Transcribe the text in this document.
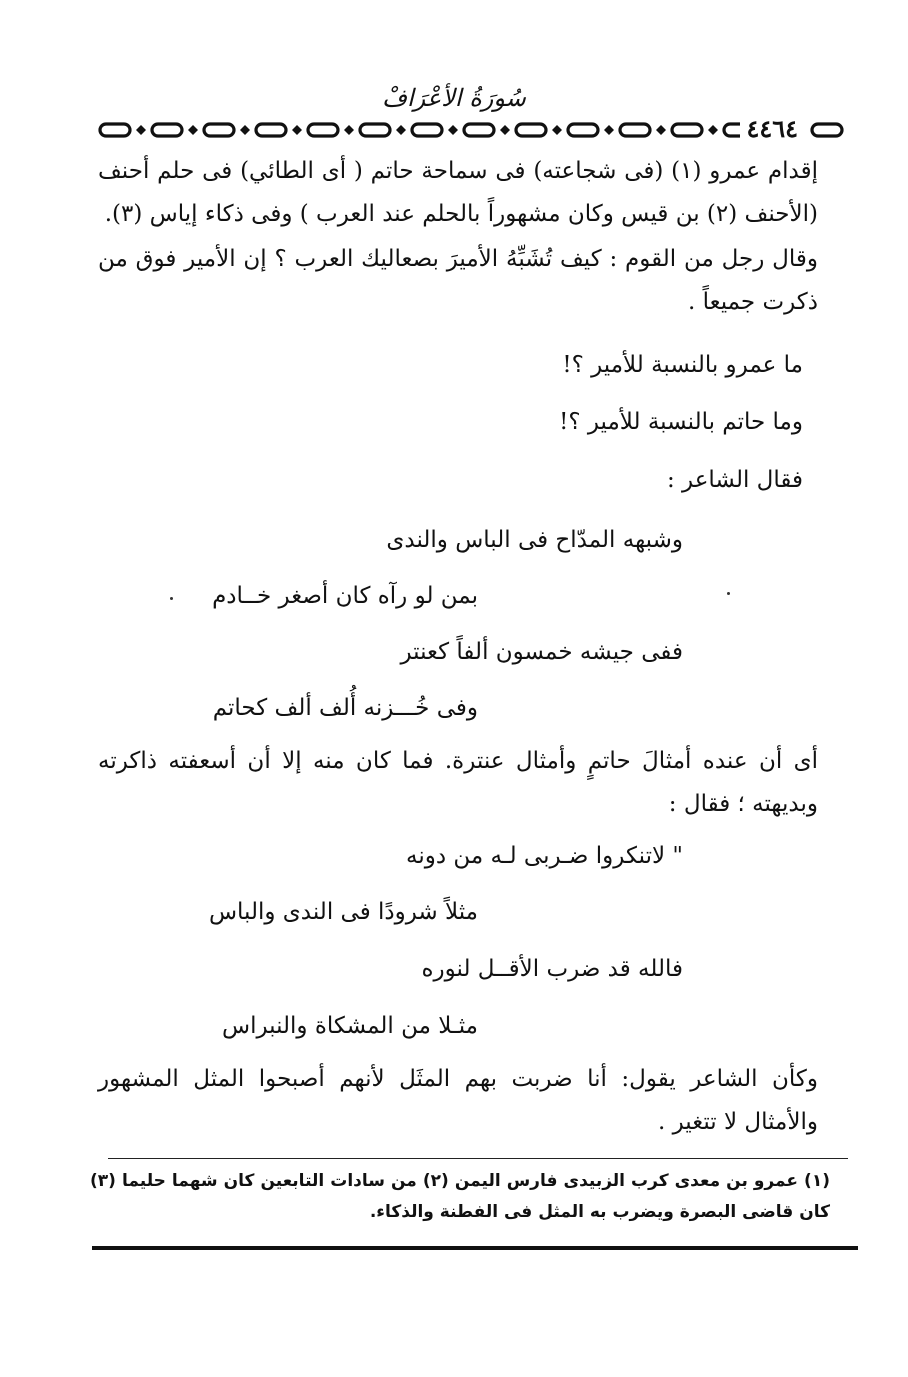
سُورَةُ الأعْرَافْ
٤٤٦٤

إقدام عمرو (١) (فى شجاعته) فى سماحة حاتم ( أى الطائي) فى حلم أحنف (الأحنف (٢) بن قيس وكان مشهوراً بالحلم عند العرب ) وفى ذكاء إياس (٣).

وقال رجل من القوم : كيف تُشَبِّهُ الأميرَ بصعاليك العرب ؟ إن الأمير فوق من ذكرت جميعاً .

ما عمرو بالنسبة للأمير ؟!
وما حاتم بالنسبة للأمير ؟!
فقال الشاعر :
وشبهه المدّاح فى الباس والندى
بمن لو رآه كان أصغر خــادم
ففى جيشه خمسون ألفاً كعنتر
وفى خُـــزنه أُلف ألف كحاتم

أى أن عنده أمثالَ حاتمٍ وأمثال عنترة. فما كان منه إلا أن أسعفته ذاكرته وبديهته ؛ فقال :

" لاتنكروا ضـربى لـه من دونه
مثلاً شرودًا فى الندى والباس
فالله قد ضرب الأقــل لنوره
مثـلا من المشكاة والنبراس

وكأن الشاعر يقول: أنا ضربت بهم المثَل لأنهم أصبحوا المثل المشهور والأمثال لا تتغير .

(١) عمرو بن معدى كرب الزبيدى فارس اليمن (٢) من سادات التابعين كان شهما حليما (٣) كان قاضى البصرة ويضرب به المثل فى الفطنة والذكاء.
